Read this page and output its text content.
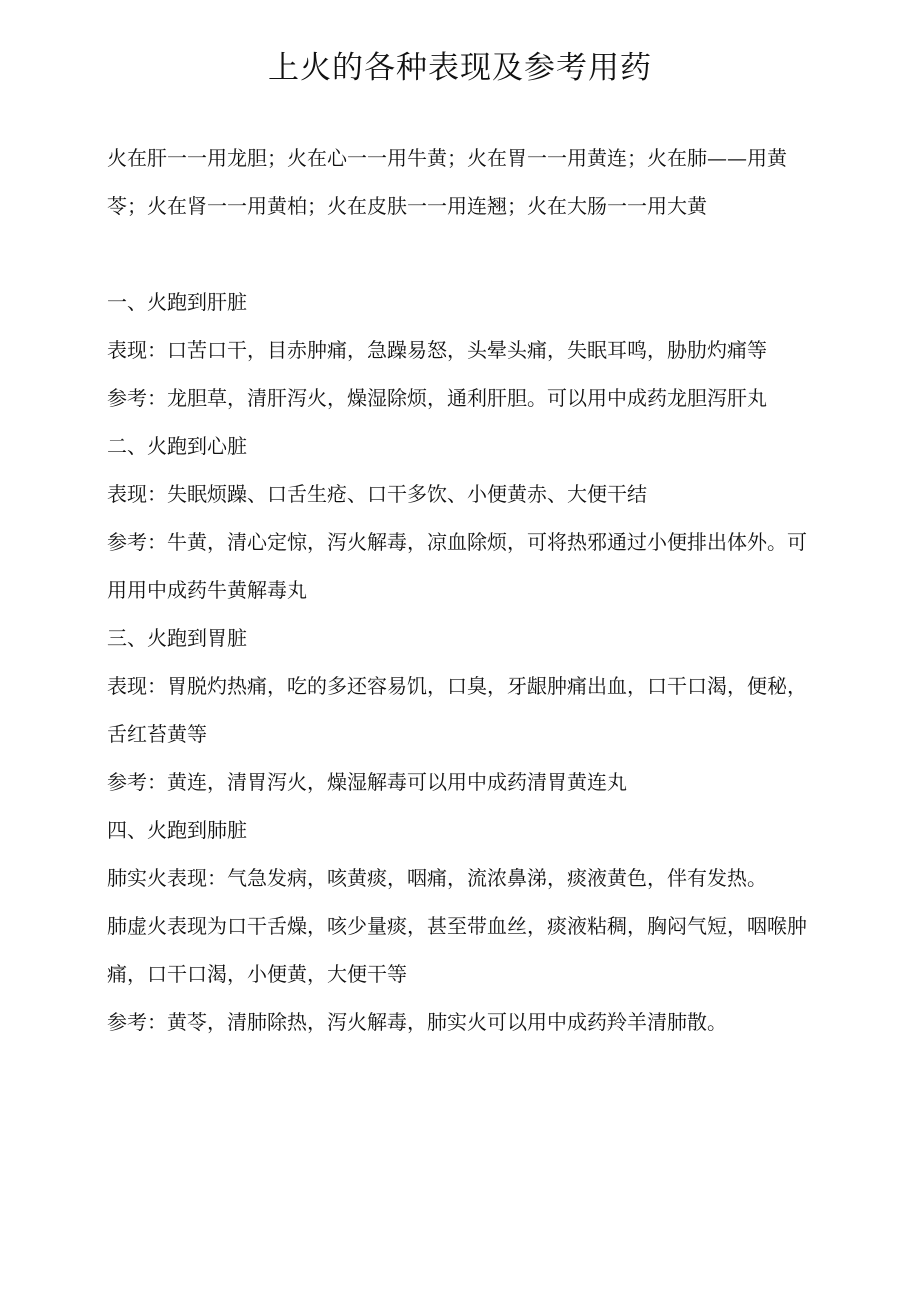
上火的各种表现及参考用药

火在肝一一用龙胆；火在心一一用牛黄；火在胃一一用黄连；火在肺——用黄苓；火在肾一一用黄柏；火在皮肤一一用连翘；火在大肠一一用大黄

一、火跑到肝脏

表现：口苦口干，目赤肿痛，急躁易怒，头晕头痛，失眠耳鸣，胁肋灼痛等

参考：龙胆草，清肝泻火，燥湿除烦，通利肝胆。可以用中成药龙胆泻肝丸

二、火跑到心脏

表现：失眠烦躁、口舌生疮、口干多饮、小便黄赤、大便干结

参考：牛黄，清心定惊，泻火解毒，凉血除烦，可将热邪通过小便排出体外。可用用中成药牛黄解毒丸

三、火跑到胃脏

表现：胃脱灼热痛，吃的多还容易饥，口臭，牙龈肿痛出血，口干口渴，便秘，舌红苔黄等

参考：黄连，清胃泻火，燥湿解毒可以用中成药清胃黄连丸

四、火跑到肺脏

肺实火表现：气急发病，咳黄痰，咽痛，流浓鼻涕，痰液黄色，伴有发热。

肺虚火表现为口干舌燥，咳少量痰，甚至带血丝，痰液粘稠，胸闷气短，咽喉肿痛，口干口渴，小便黄，大便干等

参考：黄苓，清肺除热，泻火解毒，肺实火可以用中成药羚羊清肺散。
